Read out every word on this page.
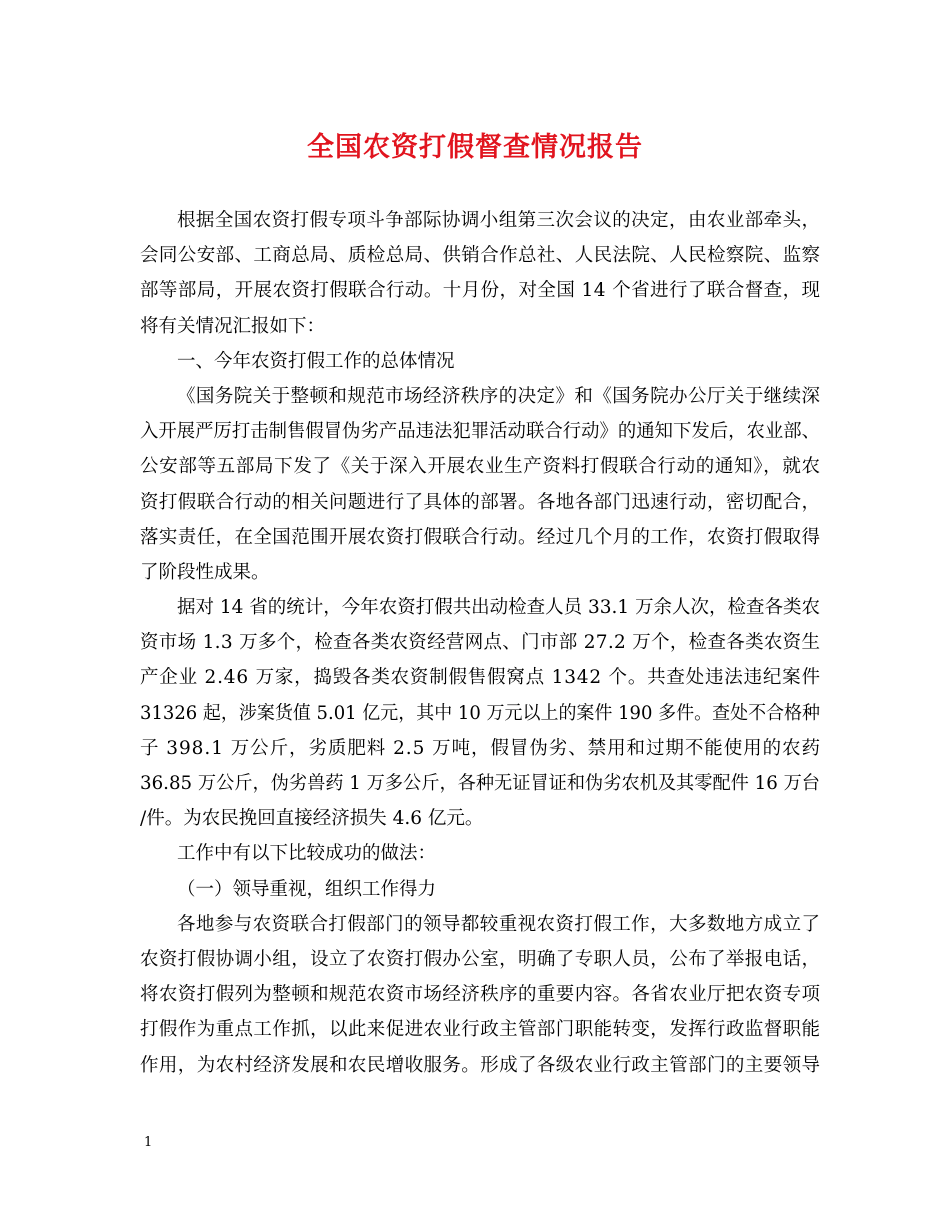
全国农资打假督查情况报告
根据全国农资打假专项斗争部际协调小组第三次会议的决定，由农业部牵头，
会同公安部、工商总局、质检总局、供销合作总社、人民法院、人民检察院、监察
部等部局，开展农资打假联合行动。十月份，对全国 14 个省进行了联合督查，现
将有关情况汇报如下：
一、今年农资打假工作的总体情况
《国务院关于整顿和规范市场经济秩序的决定》和《国务院办公厅关于继续深
入开展严厉打击制售假冒伪劣产品违法犯罪活动联合行动》的通知下发后，农业部、
公安部等五部局下发了《关于深入开展农业生产资料打假联合行动的通知》，就农
资打假联合行动的相关问题进行了具体的部署。各地各部门迅速行动，密切配合，
落实责任，在全国范围开展农资打假联合行动。经过几个月的工作，农资打假取得
了阶段性成果。
据对 14 省的统计，今年农资打假共出动检查人员 33.1 万余人次，检查各类农
资市场 1.3 万多个，检查各类农资经营网点、门市部 27.2 万个，检查各类农资生
产企业 2.46 万家，捣毁各类农资制假售假窝点 1342 个。共查处违法违纪案件
31326 起，涉案货值 5.01 亿元，其中 10 万元以上的案件 190 多件。查处不合格种
子 398.1 万公斤，劣质肥料 2.5 万吨，假冒伪劣、禁用和过期不能使用的农药
36.85 万公斤，伪劣兽药 1 万多公斤，各种无证冒证和伪劣农机及其零配件 16 万台
/件。为农民挽回直接经济损失 4.6 亿元。
工作中有以下比较成功的做法：
（一）领导重视，组织工作得力
各地参与农资联合打假部门的领导都较重视农资打假工作，大多数地方成立了
农资打假协调小组，设立了农资打假办公室，明确了专职人员，公布了举报电话，
将农资打假列为整顿和规范农资市场经济秩序的重要内容。各省农业厅把农资专项
打假作为重点工作抓，以此来促进农业行政主管部门职能转变，发挥行政监督职能
作用，为农村经济发展和农民增收服务。形成了各级农业行政主管部门的主要领导
1
